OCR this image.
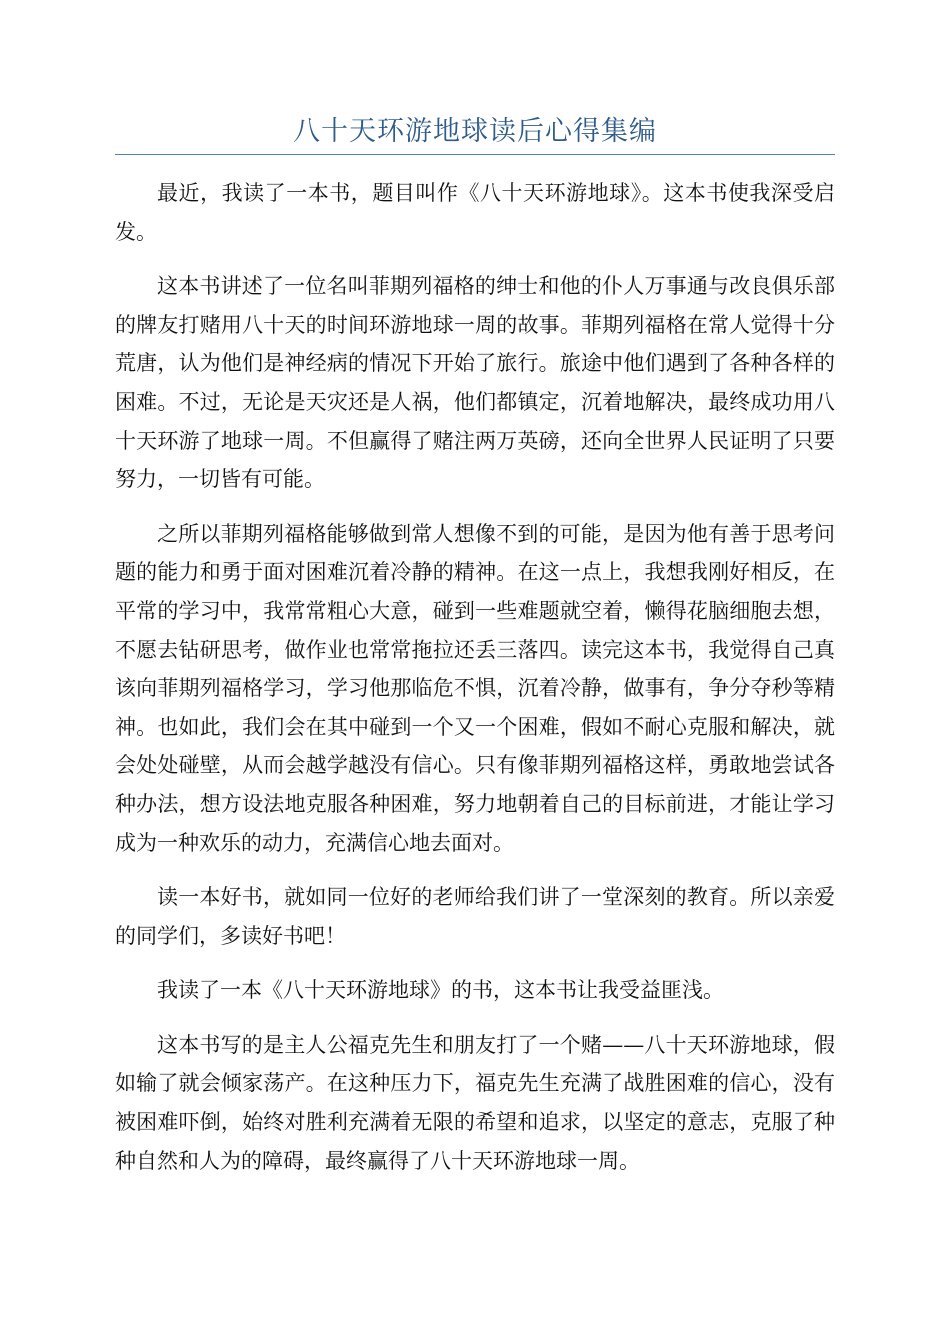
八十天环游地球读后心得集编

最近，我读了一本书，题目叫作《八十天环游地球》。这本书使我深受启发。

这本书讲述了一位名叫菲期列福格的绅士和他的仆人万事通与改良俱乐部的牌友打赌用八十天的时间环游地球一周的故事。菲期列福格在常人觉得十分荒唐，认为他们是神经病的情况下开始了旅行。旅途中他们遇到了各种各样的困难。不过，无论是天灾还是人祸，他们都镇定，沉着地解决，最终成功用八十天环游了地球一周。不但赢得了赌注两万英磅，还向全世界人民证明了只要努力，一切皆有可能。

之所以菲期列福格能够做到常人想像不到的可能，是因为他有善于思考问题的能力和勇于面对困难沉着冷静的精神。在这一点上，我想我刚好相反，在平常的学习中，我常常粗心大意，碰到一些难题就空着，懒得花脑细胞去想，不愿去钻研思考，做作业也常常拖拉还丢三落四。读完这本书，我觉得自己真该向菲期列福格学习，学习他那临危不惧，沉着冷静，做事有，争分夺秒等精神。也如此，我们会在其中碰到一个又一个困难，假如不耐心克服和解决，就会处处碰壁，从而会越学越没有信心。只有像菲期列福格这样，勇敢地尝试各种办法，想方设法地克服各种困难，努力地朝着自己的目标前进，才能让学习成为一种欢乐的动力，充满信心地去面对。

读一本好书，就如同一位好的老师给我们讲了一堂深刻的教育。所以亲爱的同学们，多读好书吧！

我读了一本《八十天环游地球》的书，这本书让我受益匪浅。

这本书写的是主人公福克先生和朋友打了一个赌——八十天环游地球，假如输了就会倾家荡产。在这种压力下，福克先生充满了战胜困难的信心，没有被困难吓倒，始终对胜利充满着无限的希望和追求，以坚定的意志，克服了种种自然和人为的障碍，最终赢得了八十天环游地球一周。
